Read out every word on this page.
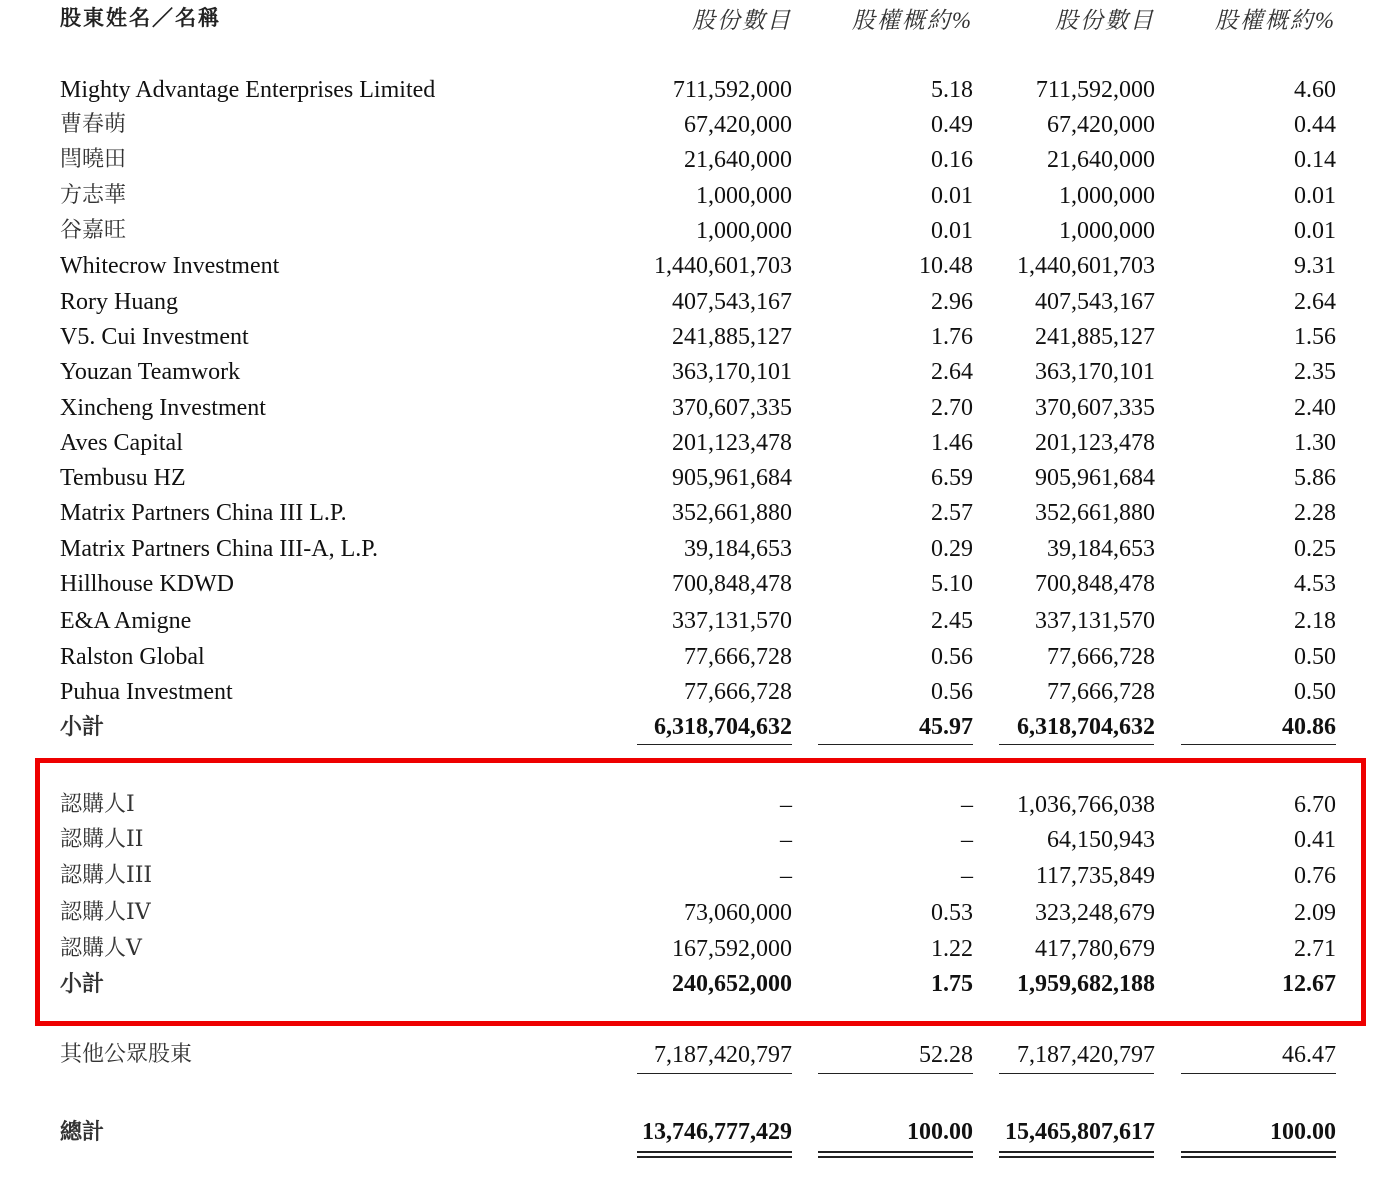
股東姓名／名稱	股份數目	股權概約%	股份數目	股權概約%
Mighty Advantage Enterprises Limited	711,592,000	5.18	711,592,000	4.60
曹春萌	67,420,000	0.49	67,420,000	0.44
閆曉田	21,640,000	0.16	21,640,000	0.14
方志華	1,000,000	0.01	1,000,000	0.01
谷嘉旺	1,000,000	0.01	1,000,000	0.01
Whitecrow Investment	1,440,601,703	10.48	1,440,601,703	9.31
Rory Huang	407,543,167	2.96	407,543,167	2.64
V5. Cui Investment	241,885,127	1.76	241,885,127	1.56
Youzan Teamwork	363,170,101	2.64	363,170,101	2.35
Xincheng Investment	370,607,335	2.70	370,607,335	2.40
Aves Capital	201,123,478	1.46	201,123,478	1.30
Tembusu HZ	905,961,684	6.59	905,961,684	5.86
Matrix Partners China III L.P.	352,661,880	2.57	352,661,880	2.28
Matrix Partners China III-A, L.P.	39,184,653	0.29	39,184,653	0.25
Hillhouse KDWD	700,848,478	5.10	700,848,478	4.53
E&A Amigne	337,131,570	2.45	337,131,570	2.18
Ralston Global	77,666,728	0.56	77,666,728	0.50
Puhua Investment	77,666,728	0.56	77,666,728	0.50
小計	6,318,704,632	45.97	6,318,704,632	40.86
認購人I	–	–	1,036,766,038	6.70
認購人II	–	–	64,150,943	0.41
認購人III	–	–	117,735,849	0.76
認購人IV	73,060,000	0.53	323,248,679	2.09
認購人V	167,592,000	1.22	417,780,679	2.71
小計	240,652,000	1.75	1,959,682,188	12.67
其他公眾股東	7,187,420,797	52.28	7,187,420,797	46.47
總計	13,746,777,429	100.00	15,465,807,617	100.00
